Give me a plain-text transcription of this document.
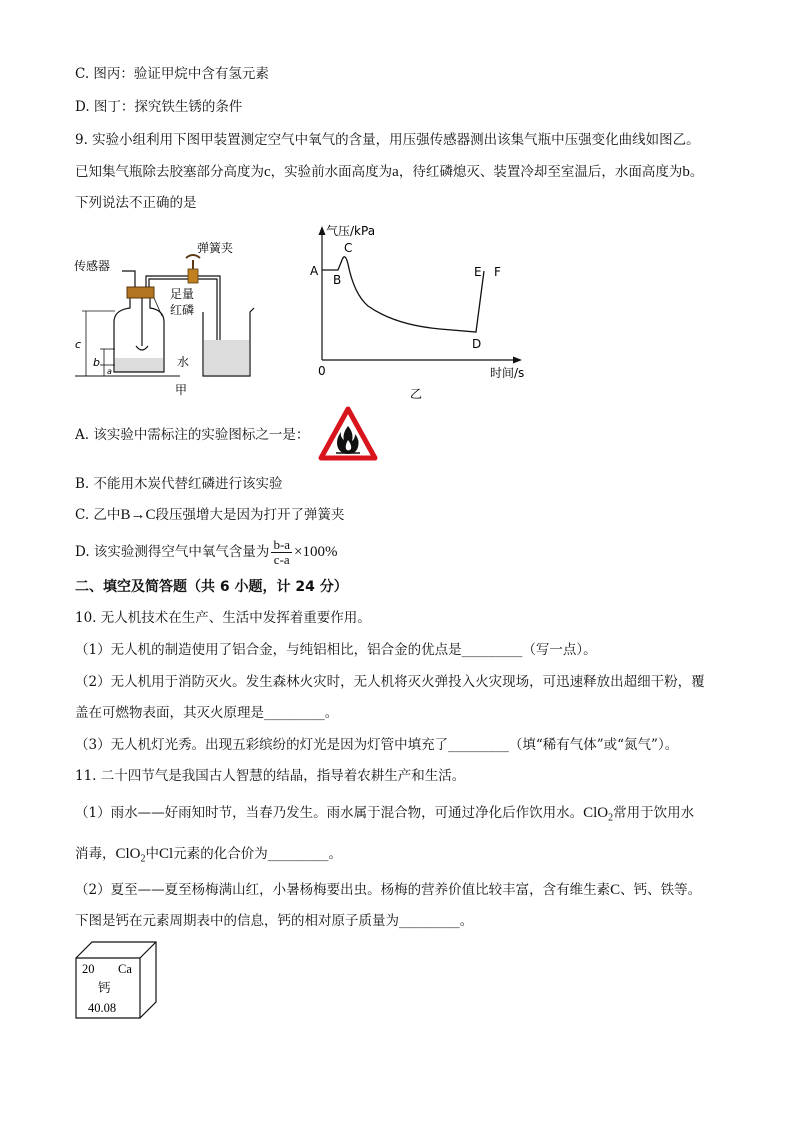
C. 图丙：验证甲烷中含有氢元素
D. 图丁：探究铁生锈的条件
9. 实验小组利用下图甲装置测定空气中氧气的含量，用压强传感器测出该集气瓶中压强变化曲线如图乙。
已知集气瓶除去胶塞部分高度为c，实验前水面高度为a，待红磷熄灭、装置冷却至室温后，水面高度为b。
下列说法不正确的是
传感器
弹簧夹
足量
红磷
水
c
b
a
甲
气压/kPa
时间/s
0
A
B
C
D
E F
乙
A. 该实验中需标注的实验图标之一是：
B. 不能用木炭代替红磷进行该实验
C. 乙中B→C段压强增大是因为打开了弹簧夹
D. 该实验测得空气中氧气含量为 $\frac{b-a}{c-a} \times 100\%$
二、填空及简答题（共 6 小题，计 24 分）
10. 无人机技术在生产、生活中发挥着重要作用。
（1）无人机的制造使用了铝合金，与纯铝相比，铝合金的优点是_________（写一点）。
（2）无人机用于消防灭火。发生森林火灾时，无人机将灭火弹投入火灾现场，可迅速释放出超细干粉，覆
盖在可燃物表面，其灭火原理是_________。
（3）无人机灯光秀。出现五彩缤纷的灯光是因为灯管中填充了_________（填“稀有气体”或“氮气”）。
11. 二十四节气是我国古人智慧的结晶，指导着农耕生产和生活。
（1）雨水——好雨知时节，当春乃发生。雨水属于混合物，可通过净化后作饮用水。ClO$_2$常用于饮用水
消毒，ClO$_2$中Cl元素的化合价为_________。
（2）夏至——夏至杨梅满山红，小暑杨梅要出虫。杨梅的营养价值比较丰富，含有维生素C、钙、铁等。
下图是钙在元素周期表中的信息，钙的相对原子质量为_________。
20 Ca
钙
40.08
